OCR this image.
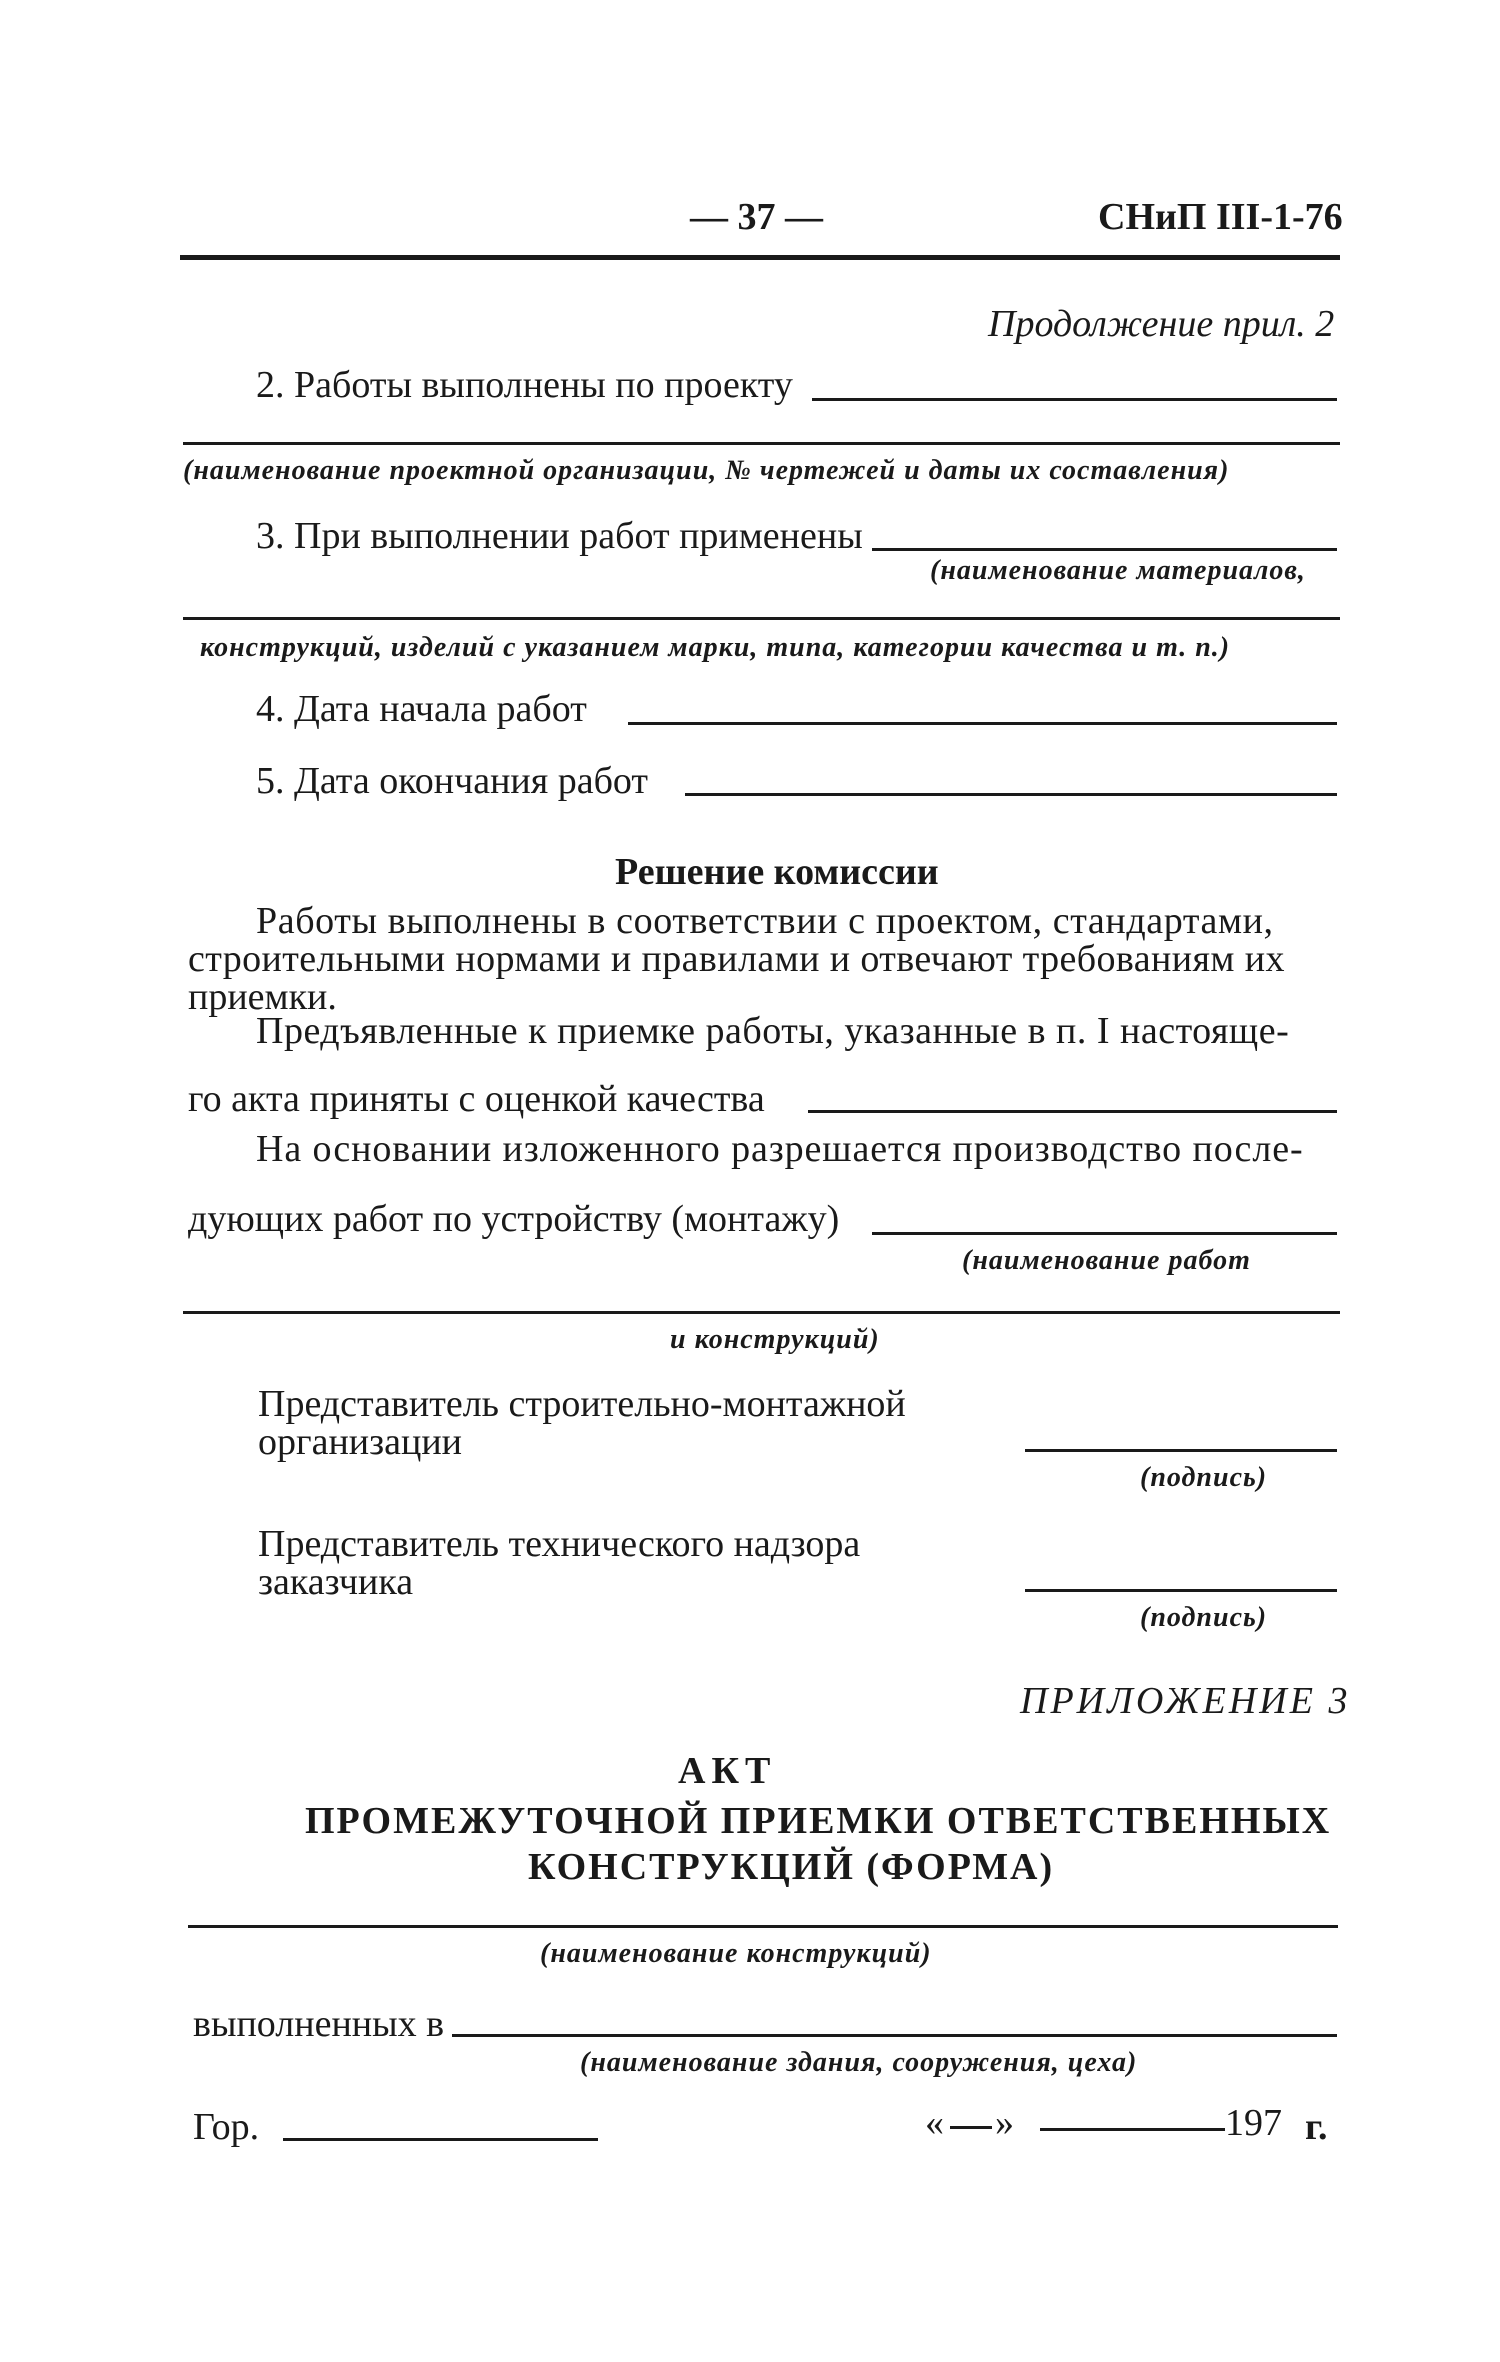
— 37 —	СНиП III-1-76
Продолжение прил. 2
2. Работы выполнены по проекту
(наименование проектной организации, № чертежей и даты их составления)
3. При выполнении работ применены
(наименование материалов,
конструкций, изделий с указанием марки, типа, категории качества и т. п.)
4. Дата начала работ
5. Дата окончания работ
Решение комиссии
Работы выполнены в соответствии с проектом, стандартами,
строительными нормами и правилами и отвечают требованиям их
приемки.
Предъявленные к приемке работы, указанные в п. I настояще-
го акта приняты с оценкой качества
На основании изложенного разрешается производство после-
дующих работ по устройству (монтажу)
(наименование работ
и конструкций)
Представитель строительно-монтажной
организации
(подпись)
Представитель технического надзора
заказчика
(подпись)
ПРИЛОЖЕНИЕ 3
АКТ
ПРОМЕЖУТОЧНОЙ ПРИЕМКИ ОТВЕТСТВЕННЫХ
КОНСТРУКЦИЙ (ФОРМА)
(наименование конструкций)
выполненных в
(наименование здания, сооружения, цеха)
Гор.	« »	197 г.
